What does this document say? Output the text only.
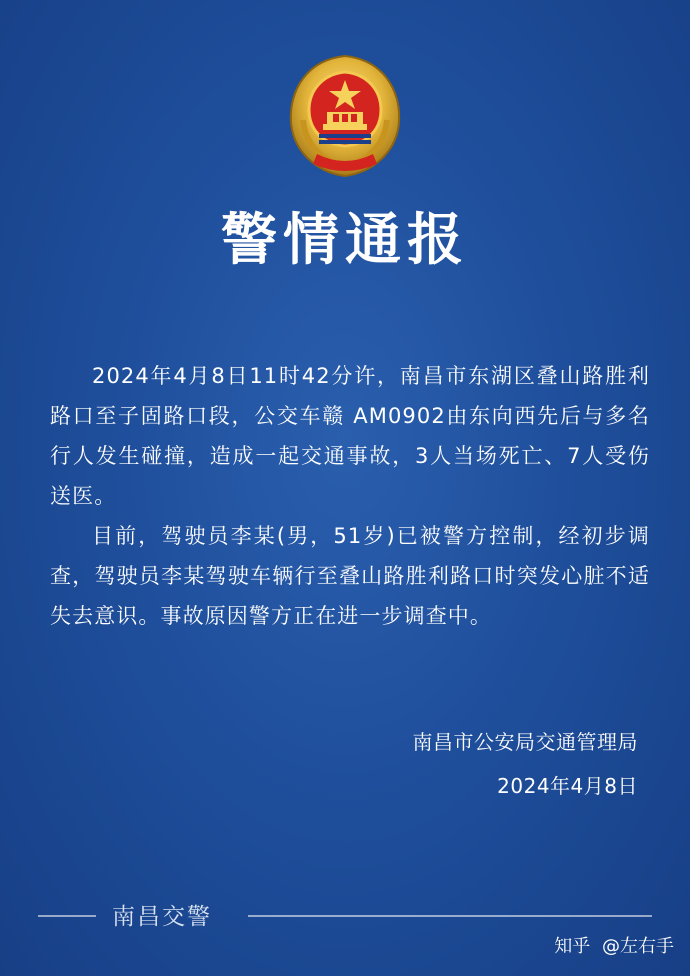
警情通报

2024年4月8日11时42分许，南昌市东湖区叠山路胜利路口至子固路口段，公交车赣 AM0902由东向西先后与多名行人发生碰撞，造成一起交通事故，3人当场死亡、7人受伤送医。

目前，驾驶员李某(男，51岁)已被警方控制，经初步调查，驾驶员李某驾驶车辆行至叠山路胜利路口时突发心脏不适失去意识。事故原因警方正在进一步调查中。

南昌市公安局交通管理局
2024年4月8日
南昌交警
知乎 @左右手
